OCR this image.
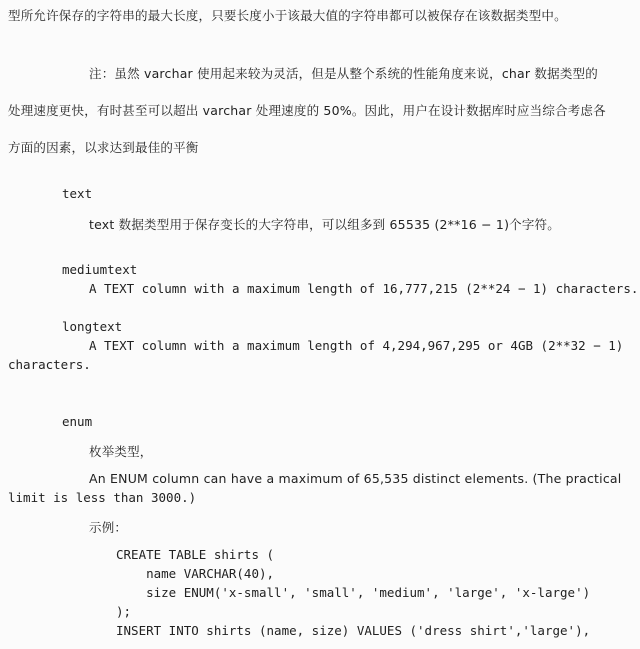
型所允许保存的字符串的最大长度，只要长度小于该最大值的字符串都可以被保存在该数据类型中。
注：虽然 varchar 使用起来较为灵活，但是从整个系统的性能角度来说，char 数据类型的
处理速度更快，有时甚至可以超出 varchar 处理速度的 50%。因此，用户在设计数据库时应当综合考虑各
方面的因素，以求达到最佳的平衡
text
text 数据类型用于保存变长的大字符串，可以组多到 65535 (2**16 − 1)个字符。
mediumtext
A TEXT column with a maximum length of 16,777,215 (2**24 − 1) characters.
longtext
A TEXT column with a maximum length of 4,294,967,295 or 4GB (2**32 − 1)
characters.
enum
枚举类型，
An ENUM column can have a maximum of 65,535 distinct elements. (The practical
limit is less than 3000.)
示例：
CREATE TABLE shirts (
name VARCHAR(40),
size ENUM('x-small', 'small', 'medium', 'large', 'x-large')
);
INSERT INTO shirts (name, size) VALUES ('dress shirt','large'),
